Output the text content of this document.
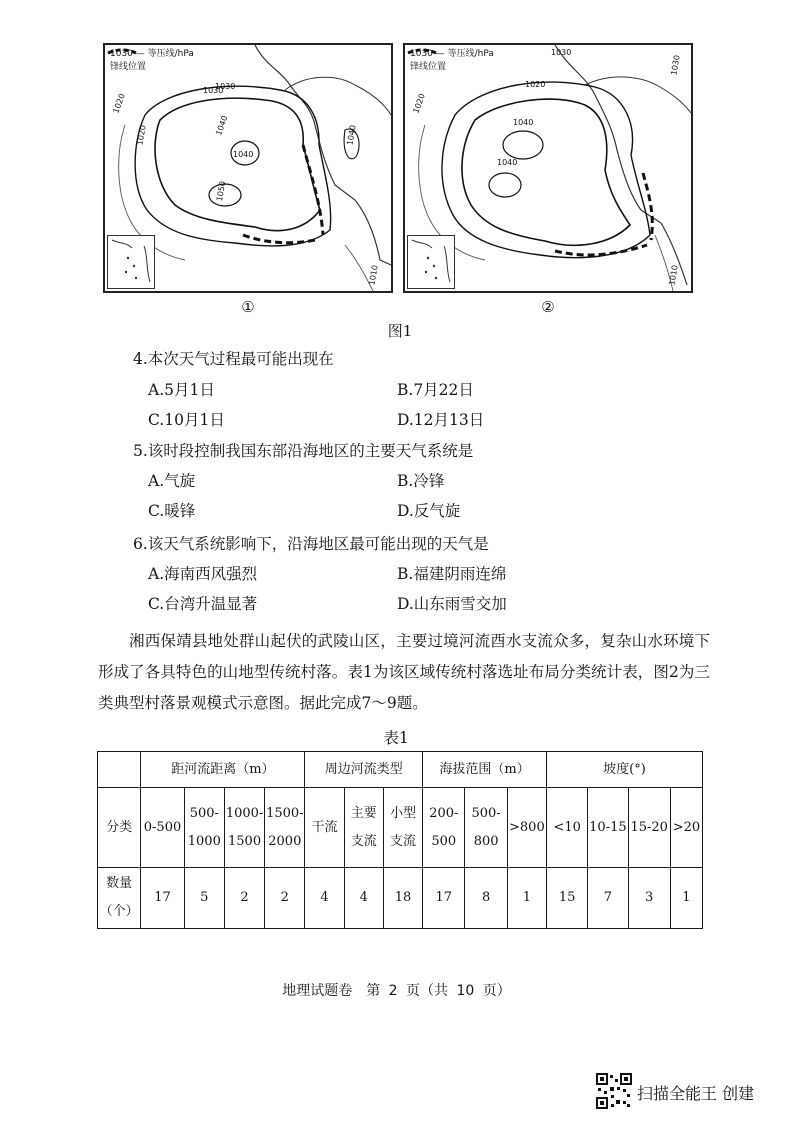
1030
1020
1030
1040
1040
1050
1040
1020
1010
1030 — 等压线/hPa
锋线位置
1030
1020
1020
1040
1040
1030
1010
1030 — 等压线/hPa
锋线位置
①	②
图1
4.本次天气过程最可能出现在
A.5月1日	B.7月22日
C.10月1日	D.12月13日
5.该时段控制我国东部沿海地区的主要天气系统是
A.气旋	B.冷锋
C.暖锋	D.反气旋
6.该天气系统影响下，沿海地区最可能出现的天气是
A.海南西风强烈	B.福建阴雨连绵
C.台湾升温显著	D.山东雨雪交加
湘西保靖县地处群山起伏的武陵山区，主要过境河流酉水支流众多，复杂山水环境下形成了各具特色的山地型传统村落。表1为该区域传统村落选址布局分类统计表，图2为三类典型村落景观模式示意图。据此完成7～9题。
表1
	距河流距离（m）				周边河流类型			海拔范围（m）			坡度(°)			
分类	0-500	500-1000	1000-1500	1500-2000	干流	主要支流	小型支流	200-500	500-800	>800	<10	10-15	15-20	>20
数量（个）	17	5	2	2	4	4	18	17	8	1	15	7	3	1
地理试题卷　第 2 页（共 10 页）
扫描全能王 创建
